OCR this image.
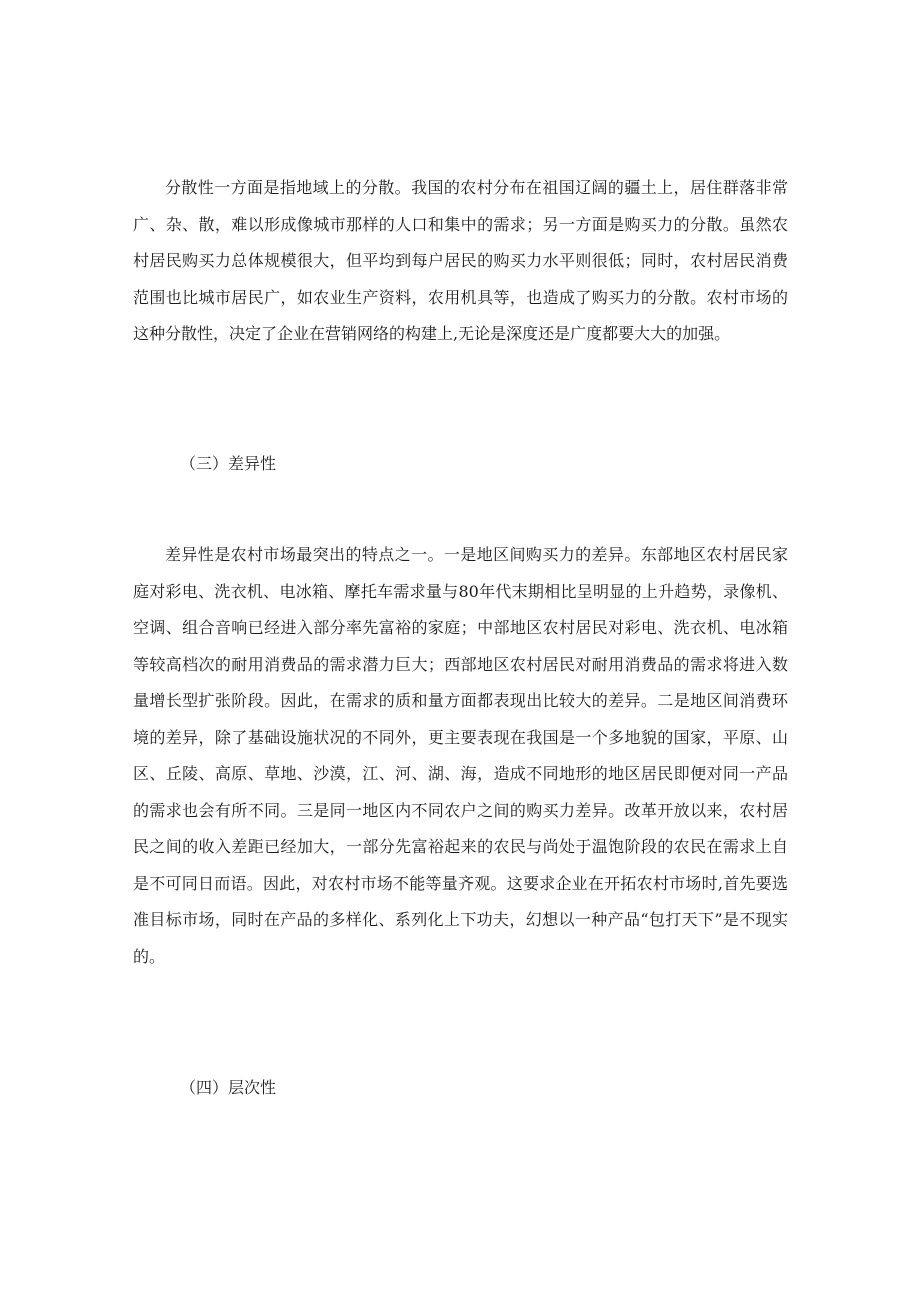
分散性一方面是指地域上的分散。我国的农村分布在祖国辽阔的疆土上，居住群落非常广、杂、散，难以形成像城市那样的人口和集中的需求；另一方面是购买力的分散。虽然农村居民购买力总体规模很大，但平均到每户居民的购买力水平则很低；同时，农村居民消费范围也比城市居民广，如农业生产资料，农用机具等，也造成了购买力的分散。农村市场的这种分散性，决定了企业在营销网络的构建上,无论是深度还是广度都要大大的加强。

（三）差异性

差异性是农村市场最突出的特点之一。一是地区间购买力的差异。东部地区农村居民家庭对彩电、洗衣机、电冰箱、摩托车需求量与80年代末期相比呈明显的上升趋势，录像机、空调、组合音响已经进入部分率先富裕的家庭；中部地区农村居民对彩电、洗衣机、电冰箱等较高档次的耐用消费品的需求潜力巨大；西部地区农村居民对耐用消费品的需求将进入数量增长型扩张阶段。因此，在需求的质和量方面都表现出比较大的差异。二是地区间消费环境的差异，除了基础设施状况的不同外，更主要表现在我国是一个多地貌的国家，平原、山区、丘陵、高原、草地、沙漠，江、河、湖、海，造成不同地形的地区居民即便对同一产品的需求也会有所不同。三是同一地区内不同农户之间的购买力差异。改革开放以来，农村居民之间的收入差距已经加大，一部分先富裕起来的农民与尚处于温饱阶段的农民在需求上自是不可同日而语。因此，对农村市场不能等量齐观。这要求企业在开拓农村市场时,首先要选准目标市场，同时在产品的多样化、系列化上下功夫，幻想以一种产品“包打天下”是不现实的。

（四）层次性
